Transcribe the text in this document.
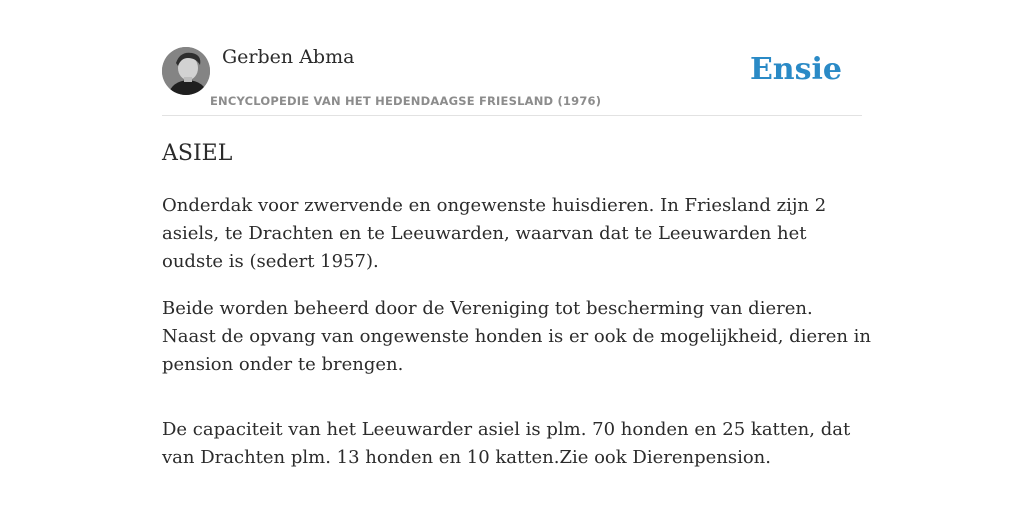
Gerben Abma
ENCYCLOPEDIE VAN HET HEDENDAAGSE FRIESLAND (1976)
Ensie
ASIEL

Onderdak voor zwervende en ongewenste huisdieren. In Friesland zijn 2 asiels, te Drachten en te Leeuwarden, waarvan dat te Leeuwarden het oudste is (sedert 1957).

Beide worden beheerd door de Vereniging tot bescherming van dieren. Naast de opvang van ongewenste honden is er ook de mogelijkheid, dieren in pension onder te brengen.

De capaciteit van het Leeuwarder asiel is plm. 70 honden en 25 katten, dat van Drachten plm. 13 honden en 10 katten.Zie ook Dierenpension.
